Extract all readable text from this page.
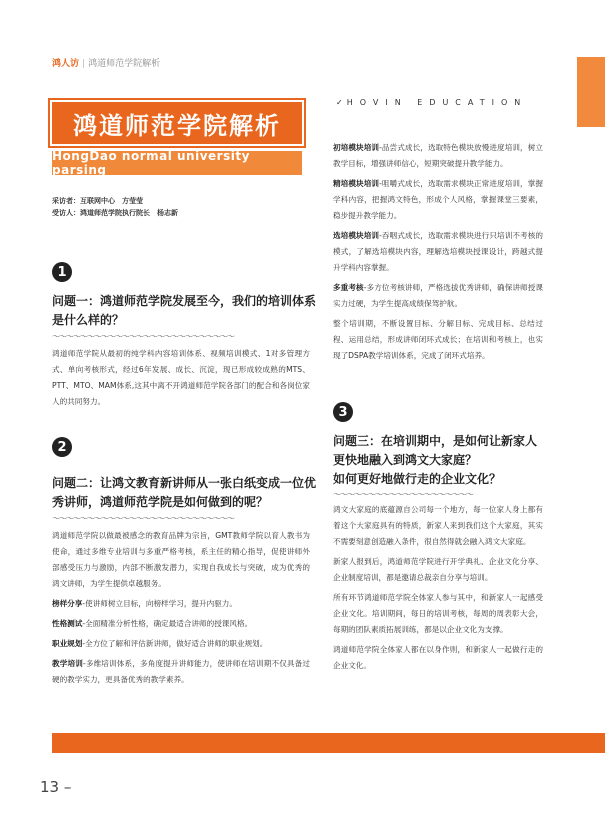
鸿人访 | 鸿道师范学院解析
✓ HOVIN EDUCATION
鸿道师范学院解析
HongDao normal university parsing
采访者：互联网中心　方莹莹
受访人：鸿道师范学院执行院长　杨志新
1
问题一：鸿道师范学院发展至今，我们的培训体系是什么样的？
〜〜〜〜〜〜〜〜〜〜〜〜〜〜〜〜〜〜〜〜〜〜〜〜〜〜
鸿道师范学院从最初的纯学科内容培训体系、视频培训模式、1对多管理方式、单向考核形式，经过6年发展、成长、沉淀，现已形成较成熟的MTS、PTT、MTO、MAM体系,这其中离不开鸿道师范学院各部门的配合和各岗位家人的共同努力。
2
问题二：让鸿文教育新讲师从一张白纸变成一位优秀讲师，鸿道师范学院是如何做到的呢？
〜〜〜〜〜〜〜〜〜〜〜〜〜〜〜〜〜〜〜〜〜〜〜〜〜〜

鸿道师范学院以做最被感念的教育品牌为宗旨，GMT教师学院以育人教书为使命，通过多维专业培训与多重严格考核，系主任的精心指导，促使讲师外部感受压力与激励，内部不断激发潜力，实现自我成长与突破，成为优秀的鸿文讲师，为学生提供卓越服务。

榜样分享-使讲师树立目标，向榜样学习，提升内驱力。

性格测试-全面精准分析性格，确定最适合讲师的授课风格。

职业规划-全方位了解和评估新讲师，做好适合讲师的职业规划。

教学培训-多维培训体系，多角度提升讲师能力，使讲师在培训期不仅具备过硬的教学实力，更具备优秀的教学素养。

初培模块培训-品尝式成长，选取特色模块放慢进度培训，树立教学目标，增强讲师信心，短期突破提升教学能力。

精培模块培训-咀嚼式成长，选取需求模块正常进度培训，掌握学科内容，把握鸿文特色，形成个人风格，掌握课堂三要素，稳步提升教学能力。

选培模块培训-吞咽式成长，选取需求模块进行只培训不考核的模式，了解选培模块内容，理解选培模块授课设计，跨越式提升学科内容掌握。

多重考核-多方位考核讲师，严格选拔优秀讲师，确保讲师授课实力过硬，为学生提高成绩保驾护航。

整个培训期，不断设置目标、分解目标、完成目标、总结过程、运用总结，形成讲师闭环式成长；在培训和考核上，也实现了DSPA教学培训体系，完成了闭环式培养。

3
问题三：在培训期中，是如何让新家人更快地融入到鸿文大家庭？
如何更好地做行走的企业文化？
〜〜〜〜〜〜〜〜〜〜〜〜〜〜〜〜〜〜〜〜

鸿文大家庭的底蕴源自公司每一个地方，每一位家人身上都有着这个大家庭具有的特质，新家人来到我们这个大家庭，其实不需要刻意创造融入条件，很自然得就会融入鸿文大家庭。

新家人报到后，鸿道师范学院进行开学典礼、企业文化分享、企业制度培训，都是邀请总裁亲自分享与培训。

所有环节鸿道师范学院全体家人参与其中，和新家人一起感受企业文化。培训期间，每日的培训考核，每周的周表彰大会，每期的团队素质拓展训练，都是以企业文化为支撑。

鸿道师范学院全体家人都在以身作则，和新家人一起做行走的企业文化。

13 –
